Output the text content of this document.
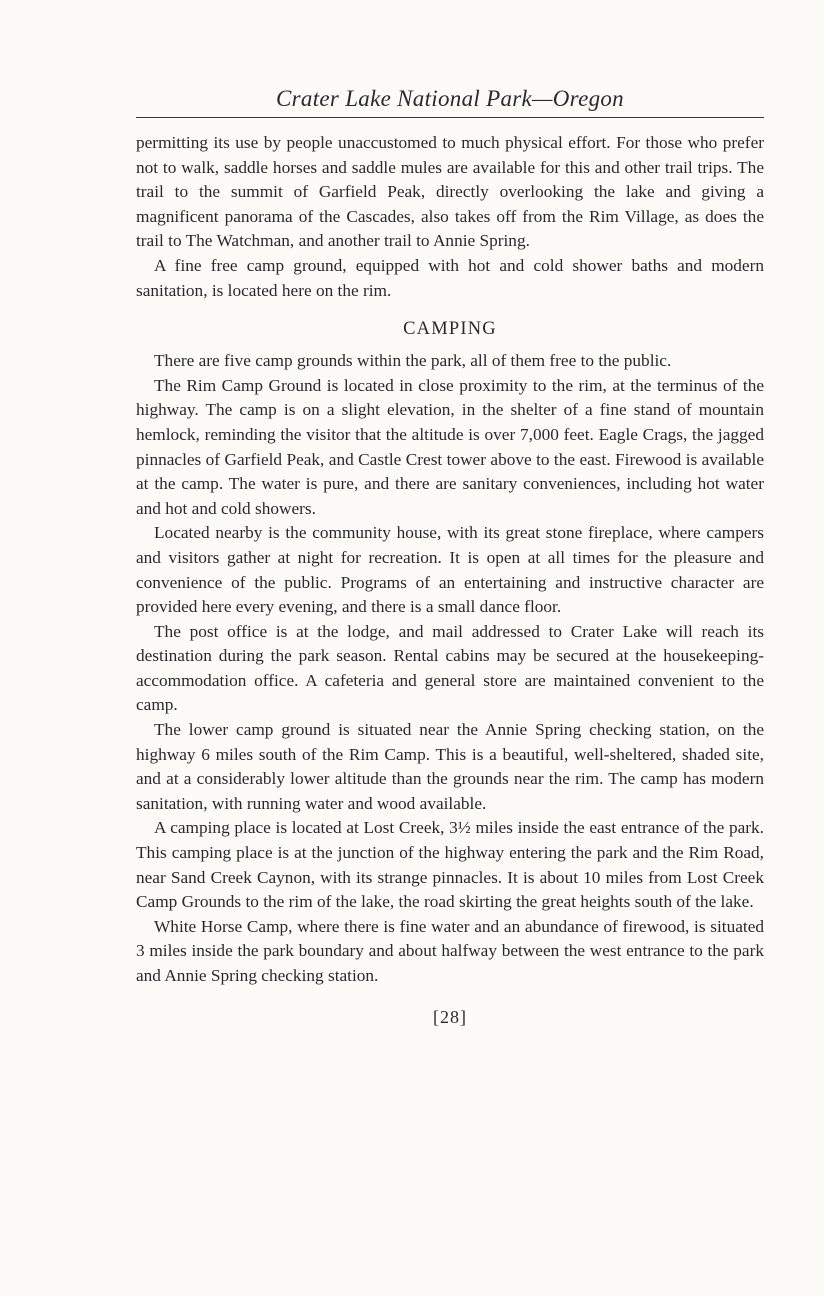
Crater Lake National Park—Oregon

permitting its use by people unaccustomed to much physical effort. For those who prefer not to walk, saddle horses and saddle mules are available for this and other trail trips. The trail to the summit of Garfield Peak, directly overlooking the lake and giving a magnificent panorama of the Cascades, also takes off from the Rim Village, as does the trail to The Watchman, and another trail to Annie Spring.

A fine free camp ground, equipped with hot and cold shower baths and modern sanitation, is located here on the rim.

CAMPING

There are five camp grounds within the park, all of them free to the public.

The Rim Camp Ground is located in close proximity to the rim, at the terminus of the highway. The camp is on a slight elevation, in the shelter of a fine stand of mountain hemlock, reminding the visitor that the altitude is over 7,000 feet. Eagle Crags, the jagged pinnacles of Garfield Peak, and Castle Crest tower above to the east. Firewood is available at the camp. The water is pure, and there are sanitary conveniences, including hot water and hot and cold showers.

Located nearby is the community house, with its great stone fireplace, where campers and visitors gather at night for recreation. It is open at all times for the pleasure and convenience of the public. Programs of an entertaining and instructive character are provided here every evening, and there is a small dance floor.

The post office is at the lodge, and mail addressed to Crater Lake will reach its destination during the park season. Rental cabins may be secured at the housekeeping-accommodation office. A cafeteria and general store are maintained convenient to the camp.

The lower camp ground is situated near the Annie Spring checking station, on the highway 6 miles south of the Rim Camp. This is a beautiful, well-sheltered, shaded site, and at a considerably lower altitude than the grounds near the rim. The camp has modern sanitation, with running water and wood available.

A camping place is located at Lost Creek, 3½ miles inside the east entrance of the park. This camping place is at the junction of the highway entering the park and the Rim Road, near Sand Creek Caynon, with its strange pinnacles. It is about 10 miles from Lost Creek Camp Grounds to the rim of the lake, the road skirting the great heights south of the lake.

White Horse Camp, where there is fine water and an abundance of firewood, is situated 3 miles inside the park boundary and about halfway between the west entrance to the park and Annie Spring checking station.

[28]
